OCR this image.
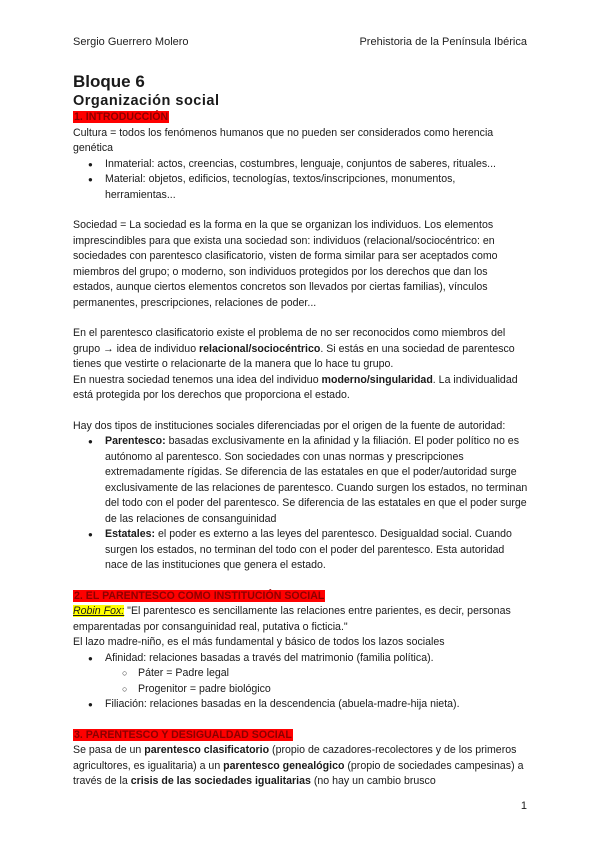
Sergio Guerrero Molero	Prehistoria de la Península Ibérica
Bloque 6
Organización social
1. INTRODUCCIÓN

Cultura = todos los fenómenos humanos que no pueden ser considerados como herencia genética

● Inmaterial: actos, creencias, costumbres, lenguaje, conjuntos de saberes, rituales...
● Material: objetos, edificios, tecnologías, textos/inscripciones, monumentos, herramientas...

Sociedad = La sociedad es la forma en la que se organizan los individuos. Los elementos imprescindibles para que exista una sociedad son: individuos (relacional/sociocéntrico: en sociedades con parentesco clasificatorio, visten de forma similar para ser aceptados como miembros del grupo; o moderno, son individuos protegidos por los derechos que dan los estados, aunque ciertos elementos concretos son llevados por ciertas familias), vínculos permanentes, prescripciones, relaciones de poder...

En el parentesco clasificatorio existe el problema de no ser reconocidos como miembros del grupo → idea de individuo relacional/sociocéntrico. Si estás en una sociedad de parentesco tienes que vestirte o relacionarte de la manera que lo hace tu grupo.

En nuestra sociedad tenemos una idea del individuo moderno/singularidad. La individualidad está protegida por los derechos que proporciona el estado.

Hay dos tipos de instituciones sociales diferenciadas por el origen de la fuente de autoridad:

● Parentesco: basadas exclusivamente en la afinidad y la filiación. El poder político no es autónomo al parentesco. Son sociedades con unas normas y prescripciones extremadamente rígidas. Se diferencia de las estatales en que el poder/autoridad surge exclusivamente de las relaciones de parentesco. Cuando surgen los estados, no terminan del todo con el poder del parentesco. Se diferencia de las estatales en que el poder surge de las relaciones de consanguinidad
● Estatales: el poder es externo a las leyes del parentesco. Desigualdad social. Cuando surgen los estados, no terminan del todo con el poder del parentesco. Esta autoridad nace de las instituciones que genera el estado.
2. EL PARENTESCO COMO INSTITUCIÓN SOCIAL

Robin Fox: "El parentesco es sencillamente las relaciones entre parientes, es decir, personas emparentadas por consanguinidad real, putativa o ficticia."

El lazo madre-niño, es el más fundamental y básico de todos los lazos sociales

● Afinidad: relaciones basadas a través del matrimonio (familia política).
○ Páter = Padre legal
○ Progenitor = padre biológico
● Filiación: relaciones basadas en la descendencia (abuela-madre-hija nieta).
3. PARENTESCO Y DESIGUALDAD SOCIAL

Se pasa de un parentesco clasificatorio (propio de cazadores-recolectores y de los primeros agricultores, es igualitaria) a un parentesco genealógico (propio de sociedades campesinas) a través de la crisis de las sociedades igualitarias (no hay un cambio brusco

1
